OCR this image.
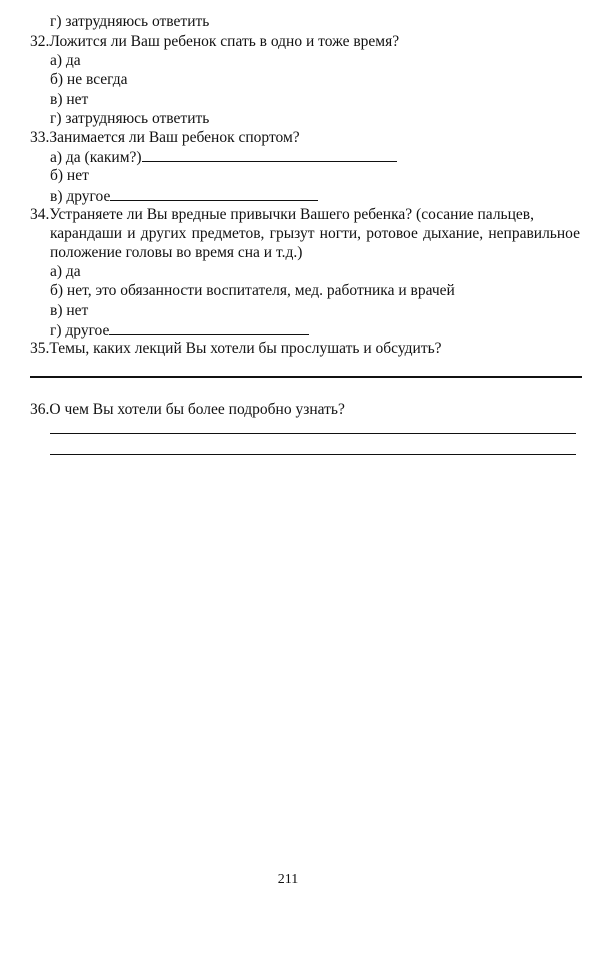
г) затрудняюсь ответить
32.Ложится ли Ваш ребенок спать в одно и тоже время?
а) да
б) не всегда
в) нет
г) затрудняюсь ответить
33.Занимается ли Ваш ребенок спортом?
а) да (каким?)
б) нет
в) другое
34.Устраняете ли Вы вредные привычки Вашего ребенка? (сосание пальцев,
карандаши и других предметов, грызут ногти, ротовое дыхание, неправильное положение головы во время сна и т.д.)
а) да
б) нет, это обязанности воспитателя, мед. работника и врачей
в) нет
г) другое
35.Темы, каких лекций Вы хотели бы прослушать и обсудить?
36.О чем Вы хотели бы более подробно узнать?
211
